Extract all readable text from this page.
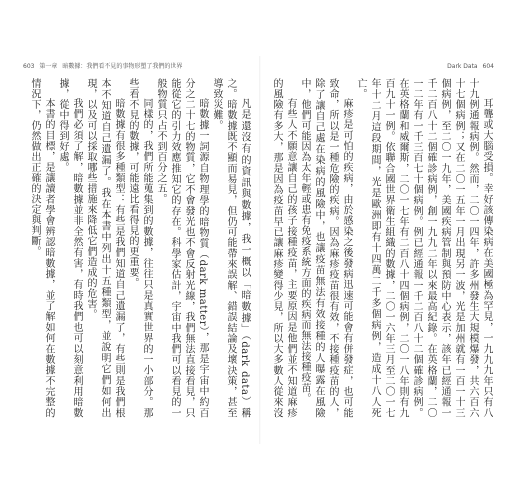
603 第一章 暗數據：我們看不見的事物形塑了我們的世界

凡是還沒有的資訊與數據，我一概以「暗數據」（dark data）稱之。暗數據既不顯而易見，但仍可能帶來誤解、錯誤結論及壞決策，甚至導致災難。

暗數據一詞源自物理學的暗物質（dark matter），那是宇宙中約百分之二十七的物質，它不會發光也不會反射光線，我們無法直接看見，只能從它的引力效應推知它的存在。科學家估計，宇宙中我們可以看見的一般物質只占不到百分之五。

同樣的，我們所能蒐集到的數據，往往只是真實世界的一小部分。那些看不見的數據，可能遠比看得見的更重要。

暗數據有很多種類型：有些是我們知道自己遺漏了，有些則是我們根本不知道自己遺漏了。我在本書中列出十五種類型，並說明它們如何出現，以及可以採取哪些措施來降低它們造成的危害。

我們必須了解，暗數據並非全然有害，有時我們也可以刻意利用暗數據，從中得到好處。

本書的目標，是讓讀者學會辨認暗數據，並了解如何在數據不完整的情況下，仍然做出正確的決定與判斷。

Dark Data 604

耳聾或大腦受損。幸好該傳染病在美國極為罕見，一九九九年只有八十九例通報病例。然而，二〇一四年，許多州發生大規模爆發，共六百六十七個病例；又在二〇一五年一月出現另一波，光是加州就有一百一十三個病例，至二〇一九年，美國疾病管制與預防中心表示，該年已經通報一千二百八十二個確診病例，創一九九二年以來最高紀錄。在英格蘭，二〇一二年有一千三百七十個病例。例已經通報一千二百八十二個確診病例。在英格蘭和威爾斯，二〇一七年有二百八十四個病例，二〇一八年則有九百九十一例。依聯合國世界衛生組織的數據，二〇一六年三月至二〇一七年十二月這段期間，光是歐洲即有十四萬二千多個病例，造成十八人死亡。

麻疹是可怕的疾病，由於感染之後發病迅速可能會有併發症，也可能致命，所以是一種危險的疾病。因為麻疹疫苗很有效，不接種疫苗的人，除了讓自己處在染病的風險中，也讓疫苗無法有效接種的人曝露在風險中，他們可能因為太年輕或患有免疫系統方面的疾病而無法接種疫苗。

有些人不願意讓自己的孩子接種疫苗，主要原因是他們並不知道麻疹的風險有多大，那是因為疫苗早已讓麻疹變得少見，所以大多數人從來沒
